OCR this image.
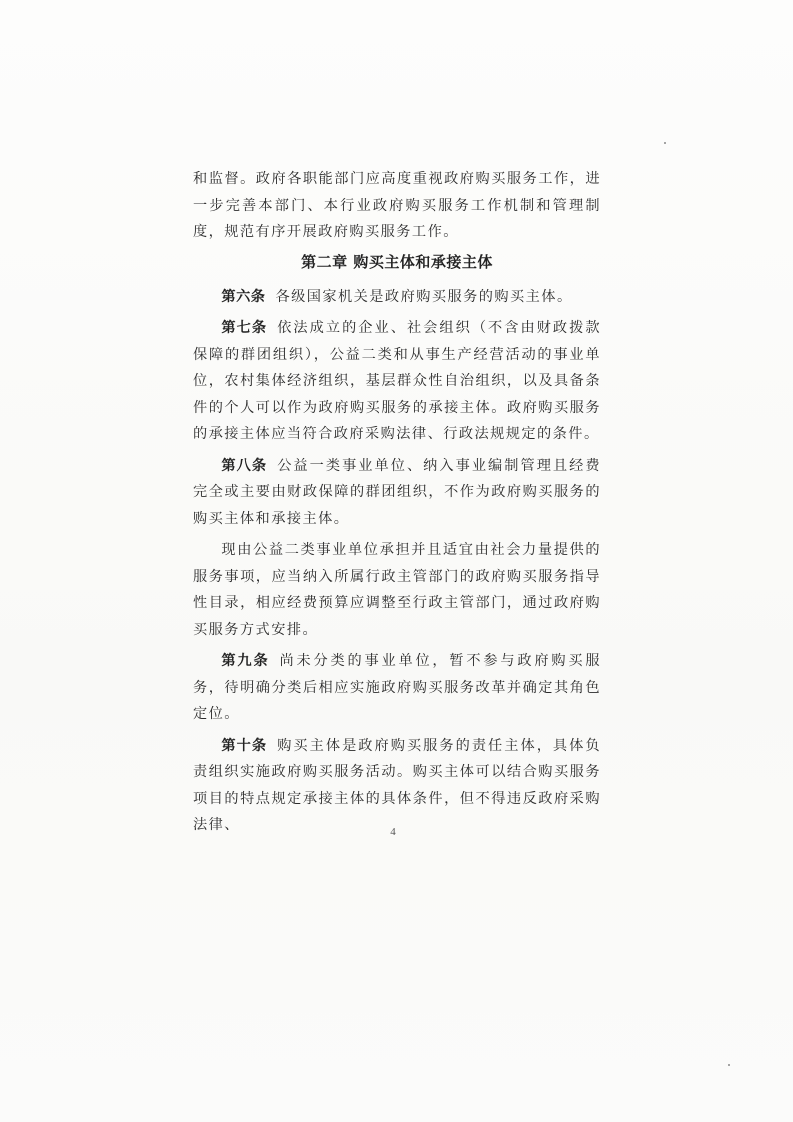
和监督。政府各职能部门应高度重视政府购买服务工作，进一步完善本部门、本行业政府购买服务工作机制和管理制度，规范有序开展政府购买服务工作。

第二章 购买主体和承接主体

第六条 各级国家机关是政府购买服务的购买主体。

第七条 依法成立的企业、社会组织（不含由财政拨款保障的群团组织），公益二类和从事生产经营活动的事业单位，农村集体经济组织，基层群众性自治组织，以及具备条件的个人可以作为政府购买服务的承接主体。政府购买服务的承接主体应当符合政府采购法律、行政法规规定的条件。

第八条 公益一类事业单位、纳入事业编制管理且经费完全或主要由财政保障的群团组织，不作为政府购买服务的购买主体和承接主体。

现由公益二类事业单位承担并且适宜由社会力量提供的服务事项，应当纳入所属行政主管部门的政府购买服务指导性目录，相应经费预算应调整至行政主管部门，通过政府购买服务方式安排。

第九条 尚未分类的事业单位，暂不参与政府购买服务，待明确分类后相应实施政府购买服务改革并确定其角色定位。

第十条 购买主体是政府购买服务的责任主体，具体负责组织实施政府购买服务活动。购买主体可以结合购买服务项目的特点规定承接主体的具体条件，但不得违反政府采购法律、	4
